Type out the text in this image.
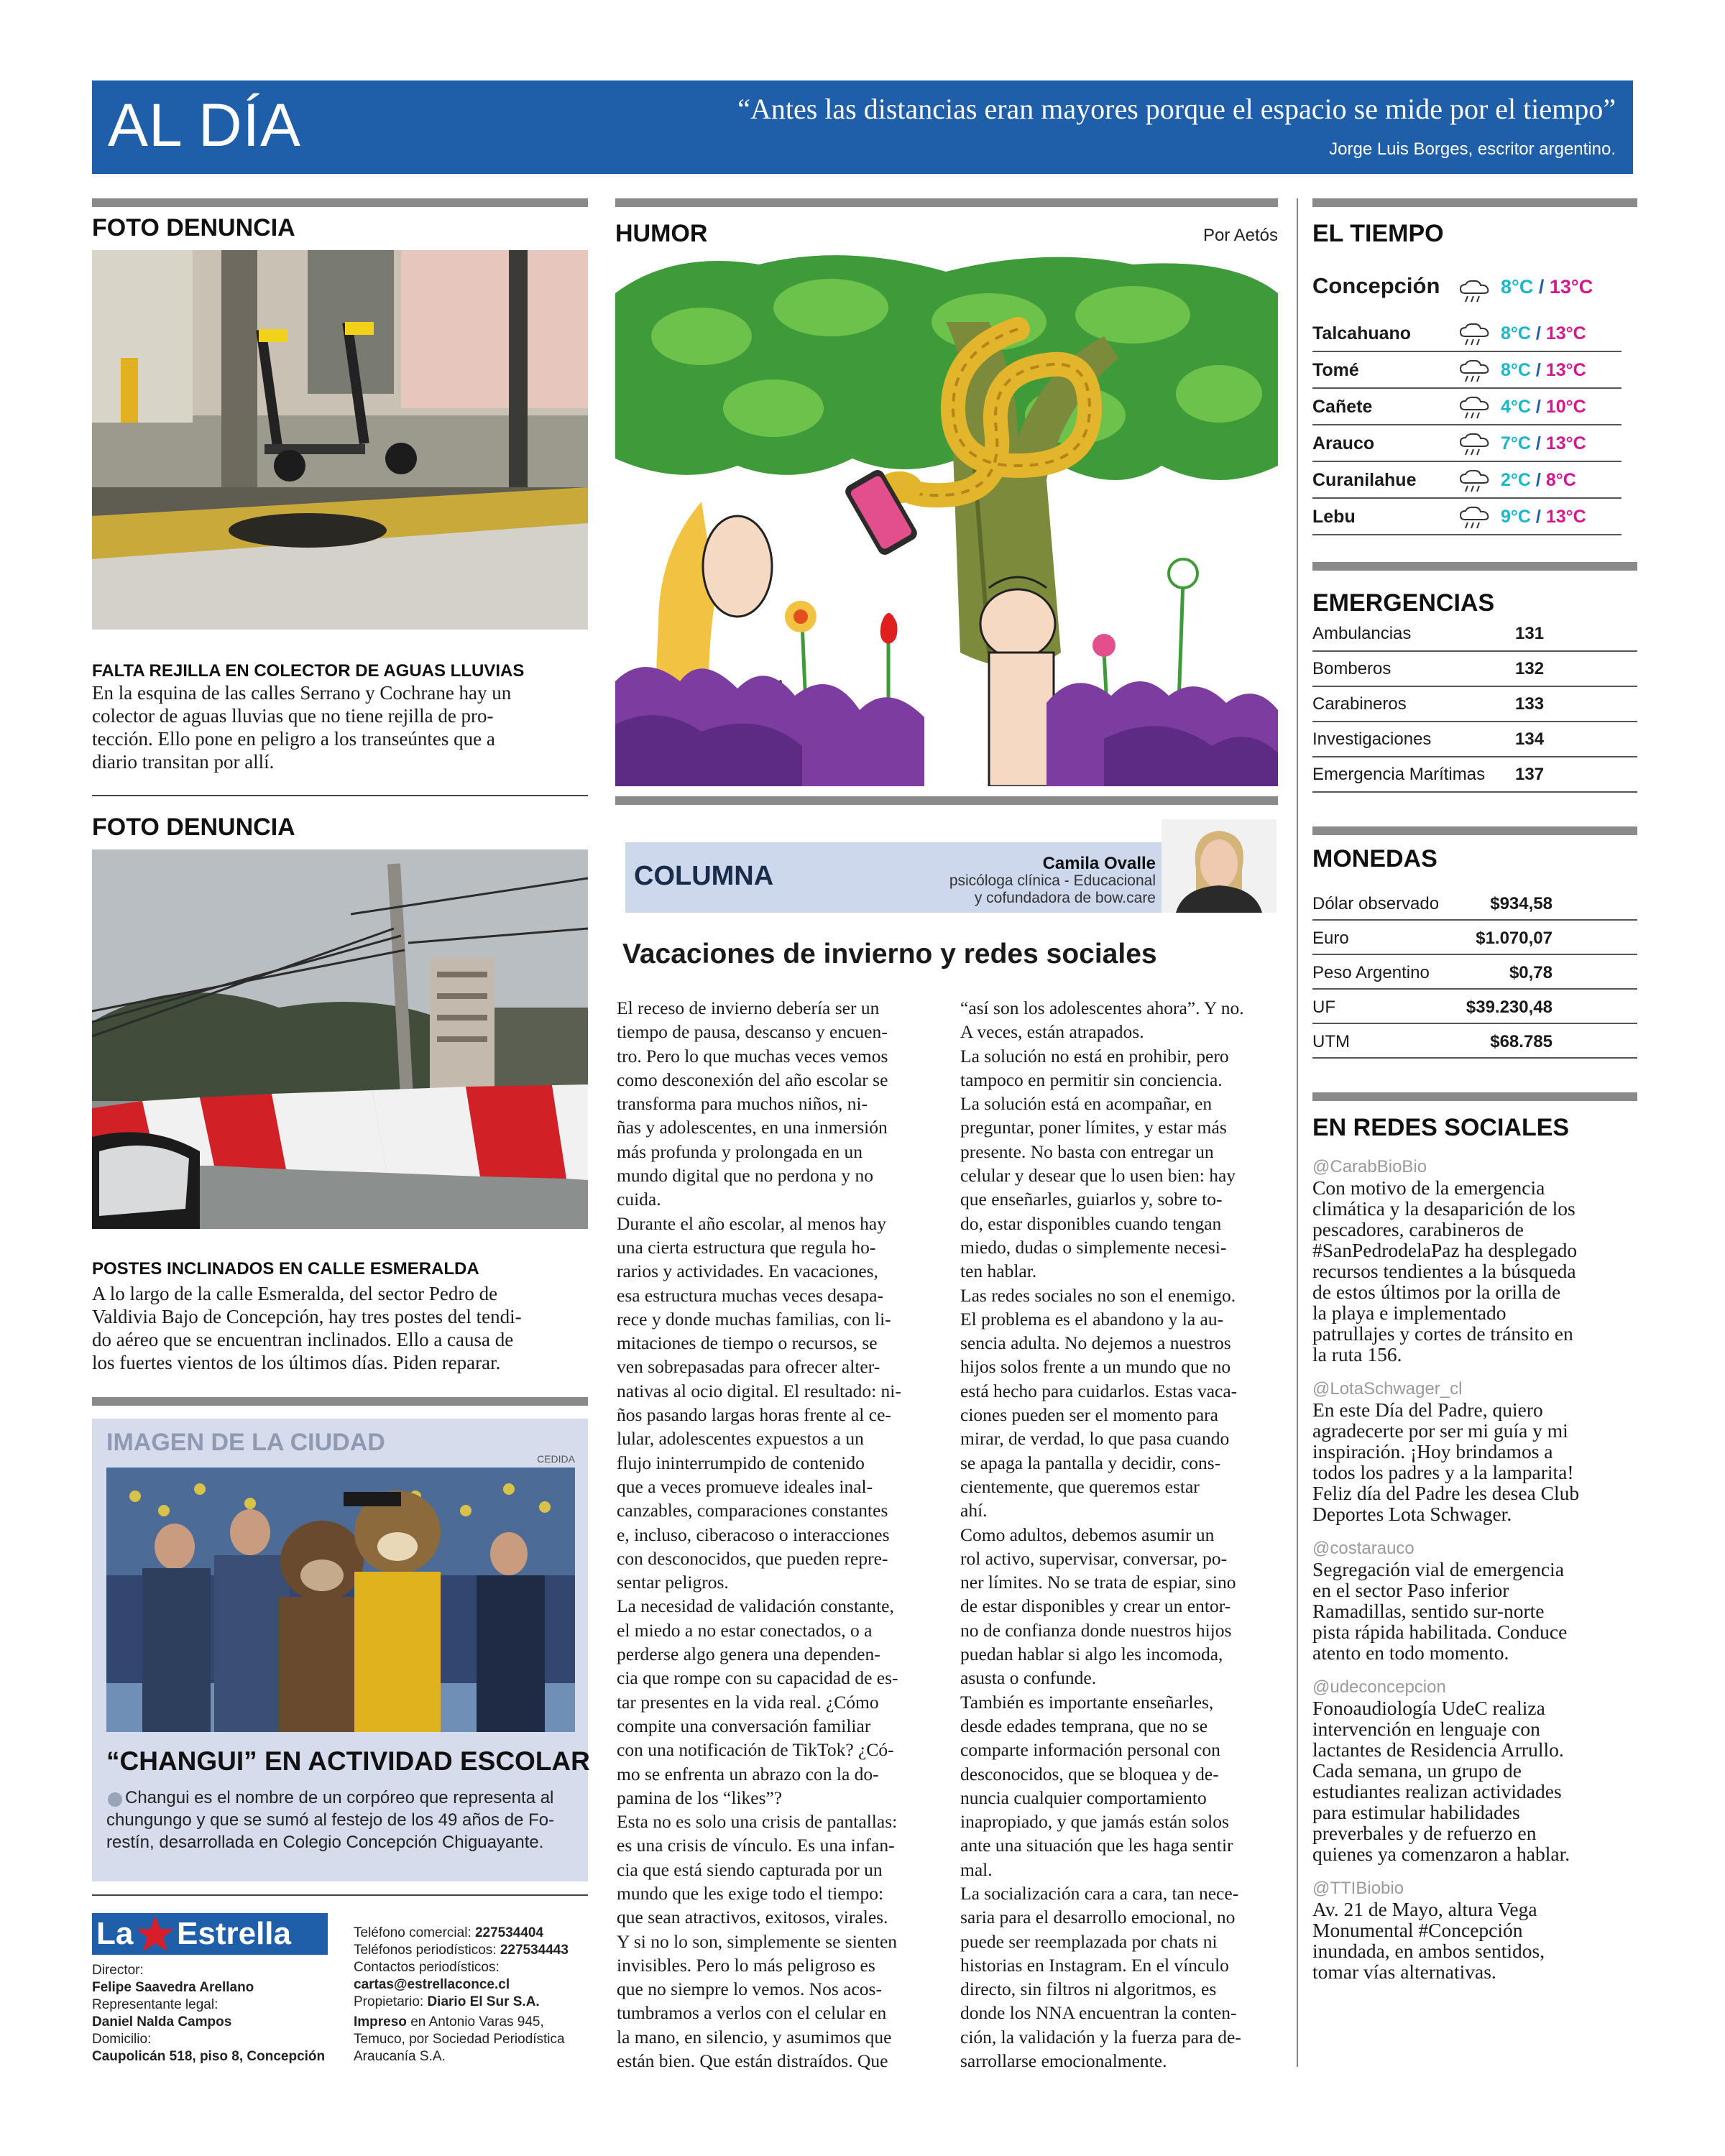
AL DÍA	“Antes las distancias eran mayores porque el espacio se mide por el tiempo”
Jorge Luis Borges, escritor argentino.
FOTO DENUNCIA
FALTA REJILLA EN COLECTOR DE AGUAS LLUVIAS
En la esquina de las calles Serrano y Cochrane hay un
colector de aguas lluvias que no tiene rejilla de pro-
tección. Ello pone en peligro a los transeúntes que a
diario transitan por allí.
FOTO DENUNCIA
POSTES INCLINADOS EN CALLE ESMERALDA
A lo largo de la calle Esmeralda, del sector Pedro de
Valdivia Bajo de Concepción, hay tres postes del tendi-
do aéreo que se encuentran inclinados. Ello a causa de
los fuertes vientos de los últimos días. Piden reparar.
IMAGEN DE LA CIUDAD
CEDIDA
“CHANGUI” EN ACTIVIDAD ESCOLAR
Changui es el nombre de un corpóreo que representa al
chungungo y que se sumó al festejo de los 49 años de Fo-
restín, desarrollada en Colegio Concepción Chiguayante.
La Estrella
Director:
Felipe Saavedra Arellano
Representante legal:
Daniel Nalda Campos
Domicilio:
Caupolicán 518, piso 8, Concepción
Teléfono comercial: 227534404
Teléfonos periodísticos: 227534443
Contactos periodísticos:
cartas@estrellaconce.cl
Propietario: Diario El Sur S.A.
Impreso en Antonio Varas 945,
Temuco, por Sociedad Periodística
Araucanía S.A.
HUMOR	Por Aetós
COLUMNA	Camila Ovalle
psicóloga clínica - Educacional
y cofundadora de bow.care
Vacaciones de invierno y redes sociales
El receso de invierno debería ser un
tiempo de pausa, descanso y encuen-
tro. Pero lo que muchas veces vemos
como desconexión del año escolar se
transforma para muchos niños, ni-
ñas y adolescentes, en una inmersión
más profunda y prolongada en un
mundo digital que no perdona y no
cuida.
Durante el año escolar, al menos hay
una cierta estructura que regula ho-
rarios y actividades. En vacaciones,
esa estructura muchas veces desapa-
rece y donde muchas familias, con li-
mitaciones de tiempo o recursos, se
ven sobrepasadas para ofrecer alter-
nativas al ocio digital. El resultado: ni-
ños pasando largas horas frente al ce-
lular, adolescentes expuestos a un
flujo ininterrumpido de contenido
que a veces promueve ideales inal-
canzables, comparaciones constantes
e, incluso, ciberacoso o interacciones
con desconocidos, que pueden repre-
sentar peligros.
La necesidad de validación constante,
el miedo a no estar conectados, o a
perderse algo genera una dependen-
cia que rompe con su capacidad de es-
tar presentes en la vida real. ¿Cómo
compite una conversación familiar
con una notificación de TikTok? ¿Có-
mo se enfrenta un abrazo con la do-
pamina de los “likes”?
Esta no es solo una crisis de pantallas:
es una crisis de vínculo. Es una infan-
cia que está siendo capturada por un
mundo que les exige todo el tiempo:
que sean atractivos, exitosos, virales.
Y si no lo son, simplemente se sienten
invisibles. Pero lo más peligroso es
que no siempre lo vemos. Nos acos-
tumbramos a verlos con el celular en
la mano, en silencio, y asumimos que
están bien. Que están distraídos. Que
“así son los adolescentes ahora”. Y no.
A veces, están atrapados.
La solución no está en prohibir, pero
tampoco en permitir sin conciencia.
La solución está en acompañar, en
preguntar, poner límites, y estar más
presente. No basta con entregar un
celular y desear que lo usen bien: hay
que enseñarles, guiarlos y, sobre to-
do, estar disponibles cuando tengan
miedo, dudas o simplemente necesi-
ten hablar.
Las redes sociales no son el enemigo.
El problema es el abandono y la au-
sencia adulta. No dejemos a nuestros
hijos solos frente a un mundo que no
está hecho para cuidarlos. Estas vaca-
ciones pueden ser el momento para
mirar, de verdad, lo que pasa cuando
se apaga la pantalla y decidir, cons-
cientemente, que queremos estar
ahí.
Como adultos, debemos asumir un
rol activo, supervisar, conversar, po-
ner límites. No se trata de espiar, sino
de estar disponibles y crear un entor-
no de confianza donde nuestros hijos
puedan hablar si algo les incomoda,
asusta o confunde.
También es importante enseñarles,
desde edades temprana, que no se
comparte información personal con
desconocidos, que se bloquea y de-
nuncia cualquier comportamiento
inapropiado, y que jamás están solos
ante una situación que les haga sentir
mal.
La socialización cara a cara, tan nece-
saria para el desarrollo emocional, no
puede ser reemplazada por chats ni
historias en Instagram. En el vínculo
directo, sin filtros ni algoritmos, es
donde los NNA encuentran la conten-
ción, la validación y la fuerza para de-
sarrollarse emocionalmente.
EL TIEMPO
Concepción	8°C / 13°C
Talcahuano	8°C / 13°C
Tomé	8°C / 13°C
Cañete	4°C / 10°C
Arauco	7°C / 13°C
Curanilahue	2°C / 8°C
Lebu	9°C / 13°C
EMERGENCIAS
Ambulancias	131
Bomberos	132
Carabineros	133
Investigaciones	134
Emergencia Marítimas 137
MONEDAS
Dólar observado	$934,58
Euro	$1.070,07
Peso Argentino	$0,78
UF	$39.230,48
UTM	$68.785
EN REDES SOCIALES
@CarabBioBio
Con motivo de la emergencia
climática y la desaparición de los
pescadores, carabineros de
#SanPedrodelaPaz ha desplegado
recursos tendientes a la búsqueda
de estos últimos por la orilla de
la playa e implementado
patrullajes y cortes de tránsito en
la ruta 156.
@LotaSchwager_cl
En este Día del Padre, quiero
agradecerte por ser mi guía y mi
inspiración. ¡Hoy brindamos a
todos los padres y a la lamparita!
Feliz día del Padre les desea Club
Deportes Lota Schwager.
@costarauco
Segregación vial de emergencia
en el sector Paso inferior
Ramadillas, sentido sur-norte
pista rápida habilitada. Conduce
atento en todo momento.
@udeconcepcion
Fonoaudiología UdeC realiza
intervención en lenguaje con
lactantes de Residencia Arrullo.
Cada semana, un grupo de
estudiantes realizan actividades
para estimular habilidades
preverbales y de refuerzo en
quienes ya comenzaron a hablar.
@TTIBiobio
Av. 21 de Mayo, altura Vega
Monumental #Concepción
inundada, en ambos sentidos,
tomar vías alternativas.
